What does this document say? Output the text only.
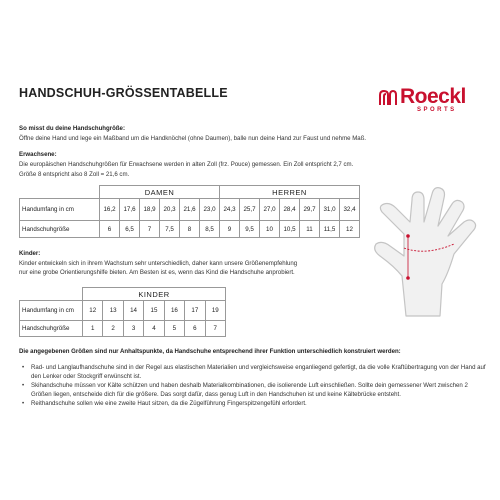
HANDSCHUH-GRÖSSENTABELLE	Roeckl
SPORTS
So misst du deine Handschuhgröße:
Öffne deine Hand und lege ein Maßband um die Handknöchel (ohne Daumen), balle nun deine Hand zur Faust und nehme Maß.
Erwachsene:
Die europäischen Handschuhgrößen für Erwachsene werden in alten Zoll (frz. Pouce) gemessen. Ein Zoll entspricht 2,7 cm.
Größe 8 entspricht also 8 Zoll = 21,6 cm.
	DAMEN						HERREN						
Handumfang in cm	16,2	17,6	18,9	20,3	21,6	23,0	24,3	25,7	27,0	28,4	29,7	31,0	32,4
Handschuhgröße	6	6,5	7	7,5	8	8,5	9	9,5	10	10,5	11	11,5	12
Kinder:
Kinder entwickeln sich in ihrem Wachstum sehr unterschiedlich, daher kann unsere Größenempfehlung
nur eine grobe Orientierungshilfe bieten. Am Besten ist es, wenn das Kind die Handschuhe anprobiert.
	KINDER						
Handumfang in cm	12	13	14	15	16	17	19
Handschuhgröße	1	2	3	4	5	6	7
Die angegebenen Größen sind nur Anhaltspunkte, da Handschuhe entsprechend ihrer Funktion unterschiedlich konstruiert werden:
• Rad- und Langlaufhandschuhe sind in der Regel aus elastischen Materialien und vergleichsweise enganliegend gefertigt, da die volle Kraftübertragung von der Hand auf den Lenker oder Stockgriff erwünscht ist.
• Skihandschuhe müssen vor Kälte schützen und haben deshalb Materialkombinationen, die isolierende Luft einschließen. Sollte dein gemessener Wert zwischen 2 Größen liegen, entscheide dich für die größere. Das sorgt dafür, dass genug Luft in den Handschuhen ist und keine Kältebrücke entsteht.
• Reithandschuhe sollen wie eine zweite Haut sitzen, da die Zügelführung Fingerspitzengefühl erfordert.
